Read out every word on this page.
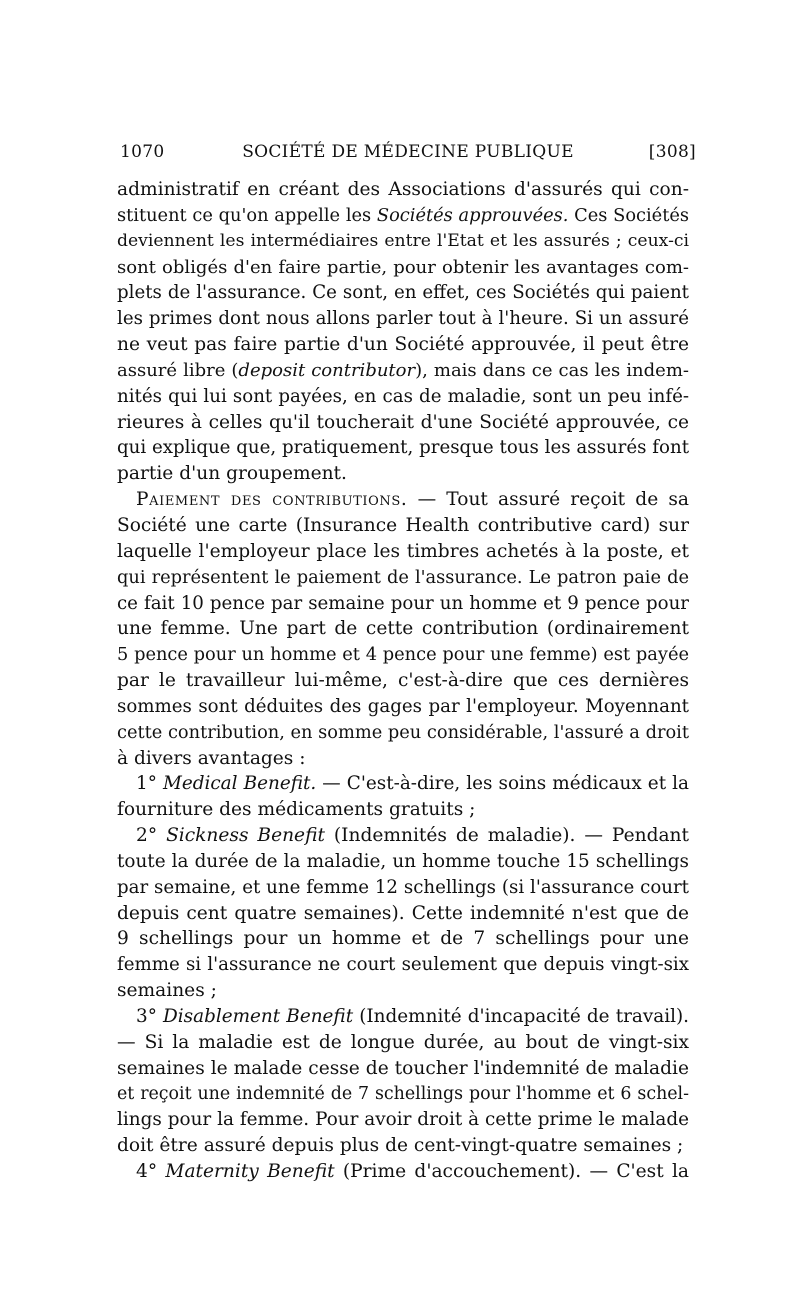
1070	SOCIÉTÉ DE MÉDECINE PUBLIQUE	[308]
administratif en créant des Associations d'assurés qui con-
stituent ce qu'on appelle les Sociétés approuvées. Ces Sociétés
deviennent les intermédiaires entre l'Etat et les assurés ; ceux-ci
sont obligés d'en faire partie, pour obtenir les avantages com-
plets de l'assurance. Ce sont, en effet, ces Sociétés qui paient
les primes dont nous allons parler tout à l'heure. Si un assuré
ne veut pas faire partie d'un Société approuvée, il peut être
assuré libre (deposit contributor), mais dans ce cas les indem-
nités qui lui sont payées, en cas de maladie, sont un peu infé-
rieures à celles qu'il toucherait d'une Société approuvée, ce
qui explique que, pratiquement, presque tous les assurés font
partie d'un groupement.
Paiement des contributions. — Tout assuré reçoit de sa
Société une carte (Insurance Health contributive card) sur
laquelle l'employeur place les timbres achetés à la poste, et
qui représentent le paiement de l'assurance. Le patron paie de
ce fait 10 pence par semaine pour un homme et 9 pence pour
une femme. Une part de cette contribution (ordinairement
5 pence pour un homme et 4 pence pour une femme) est payée
par le travailleur lui-même, c'est-à-dire que ces dernières
sommes sont déduites des gages par l'employeur. Moyennant
cette contribution, en somme peu considérable, l'assuré a droit
à divers avantages :
1° Medical Benefit. — C'est-à-dire, les soins médicaux et la
fourniture des médicaments gratuits ;
2° Sickness Benefit (Indemnités de maladie). — Pendant
toute la durée de la maladie, un homme touche 15 schellings
par semaine, et une femme 12 schellings (si l'assurance court
depuis cent quatre semaines). Cette indemnité n'est que de
9 schellings pour un homme et de 7 schellings pour une
femme si l'assurance ne court seulement que depuis vingt-six
semaines ;
3° Disablement Benefit (Indemnité d'incapacité de travail).
— Si la maladie est de longue durée, au bout de vingt-six
semaines le malade cesse de toucher l'indemnité de maladie
et reçoit une indemnité de 7 schellings pour l'homme et 6 schel-
lings pour la femme. Pour avoir droit à cette prime le malade
doit être assuré depuis plus de cent-vingt-quatre semaines ;
4° Maternity Benefit (Prime d'accouchement). — C'est la
